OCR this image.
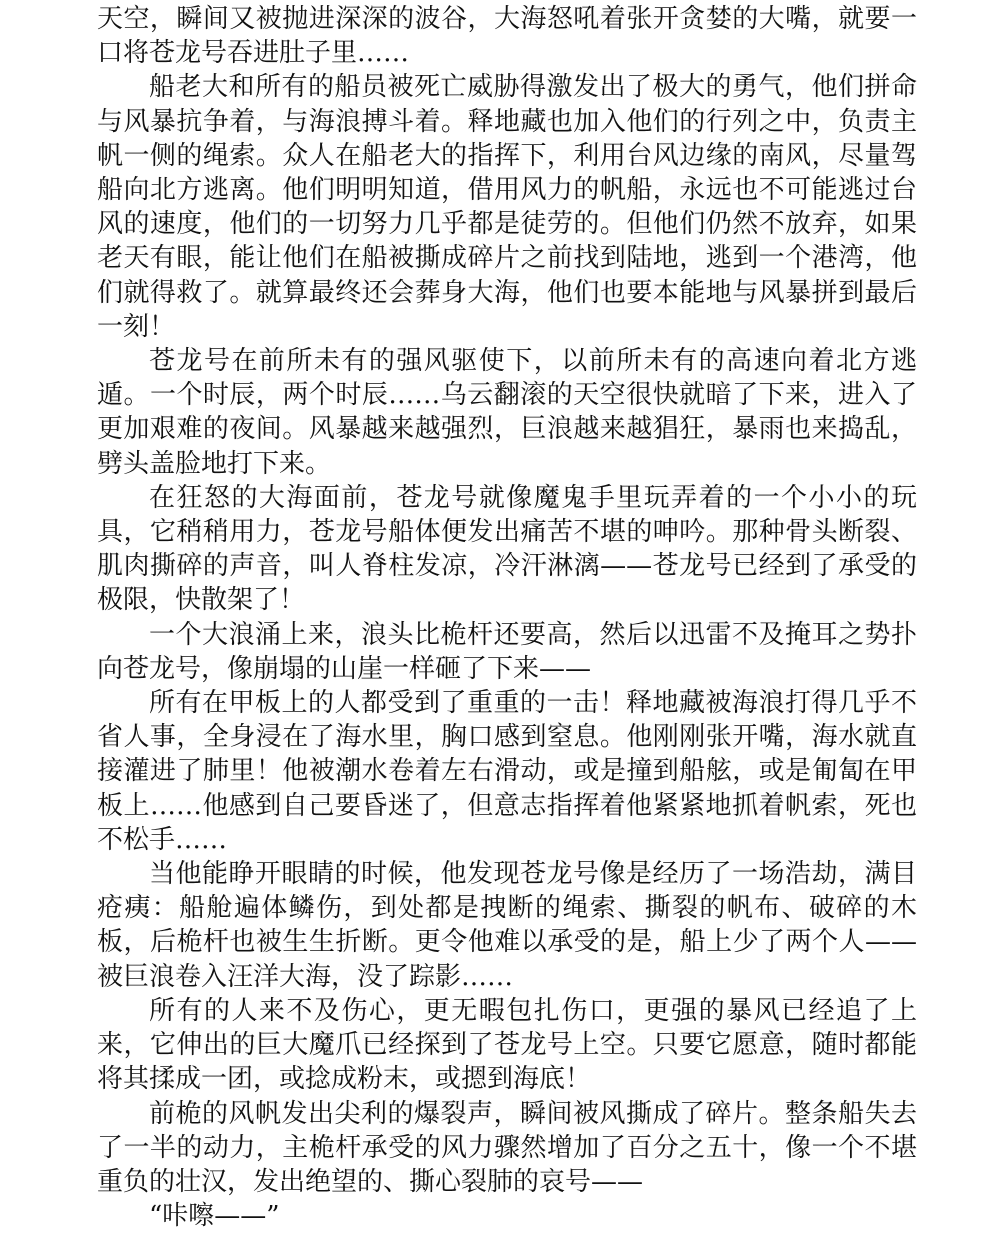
天空，瞬间又被抛进深深的波谷，大海怒吼着张开贪婪的大嘴，就要一口将苍龙号吞进肚子里……

船老大和所有的船员被死亡威胁得激发出了极大的勇气，他们拼命与风暴抗争着，与海浪搏斗着。释地藏也加入他们的行列之中，负责主帆一侧的绳索。众人在船老大的指挥下，利用台风边缘的南风，尽量驾船向北方逃离。他们明明知道，借用风力的帆船，永远也不可能逃过台风的速度，他们的一切努力几乎都是徒劳的。但他们仍然不放弃，如果老天有眼，能让他们在船被撕成碎片之前找到陆地，逃到一个港湾，他们就得救了。就算最终还会葬身大海，他们也要本能地与风暴拼到最后一刻！

苍龙号在前所未有的强风驱使下，以前所未有的高速向着北方逃遁。一个时辰，两个时辰……乌云翻滚的天空很快就暗了下来，进入了更加艰难的夜间。风暴越来越强烈，巨浪越来越猖狂，暴雨也来捣乱，劈头盖脸地打下来。

在狂怒的大海面前，苍龙号就像魔鬼手里玩弄着的一个小小的玩具，它稍稍用力，苍龙号船体便发出痛苦不堪的呻吟。那种骨头断裂、肌肉撕碎的声音，叫人脊柱发凉，冷汗淋漓——苍龙号已经到了承受的极限，快散架了！

一个大浪涌上来，浪头比桅杆还要高，然后以迅雷不及掩耳之势扑向苍龙号，像崩塌的山崖一样砸了下来——

所有在甲板上的人都受到了重重的一击！释地藏被海浪打得几乎不省人事，全身浸在了海水里，胸口感到窒息。他刚刚张开嘴，海水就直接灌进了肺里！他被潮水卷着左右滑动，或是撞到船舷，或是匍匐在甲板上……他感到自己要昏迷了，但意志指挥着他紧紧地抓着帆索，死也不松手……

当他能睁开眼睛的时候，他发现苍龙号像是经历了一场浩劫，满目疮痍：船舱遍体鳞伤，到处都是拽断的绳索、撕裂的帆布、破碎的木板，后桅杆也被生生折断。更令他难以承受的是，船上少了两个人——被巨浪卷入汪洋大海，没了踪影……

所有的人来不及伤心，更无暇包扎伤口，更强的暴风已经追了上来，它伸出的巨大魔爪已经探到了苍龙号上空。只要它愿意，随时都能将其揉成一团，或捻成粉末，或摁到海底！

前桅的风帆发出尖利的爆裂声，瞬间被风撕成了碎片。整条船失去了一半的动力，主桅杆承受的风力骤然增加了百分之五十，像一个不堪重负的壮汉，发出绝望的、撕心裂肺的哀号——

“咔嚓——”
